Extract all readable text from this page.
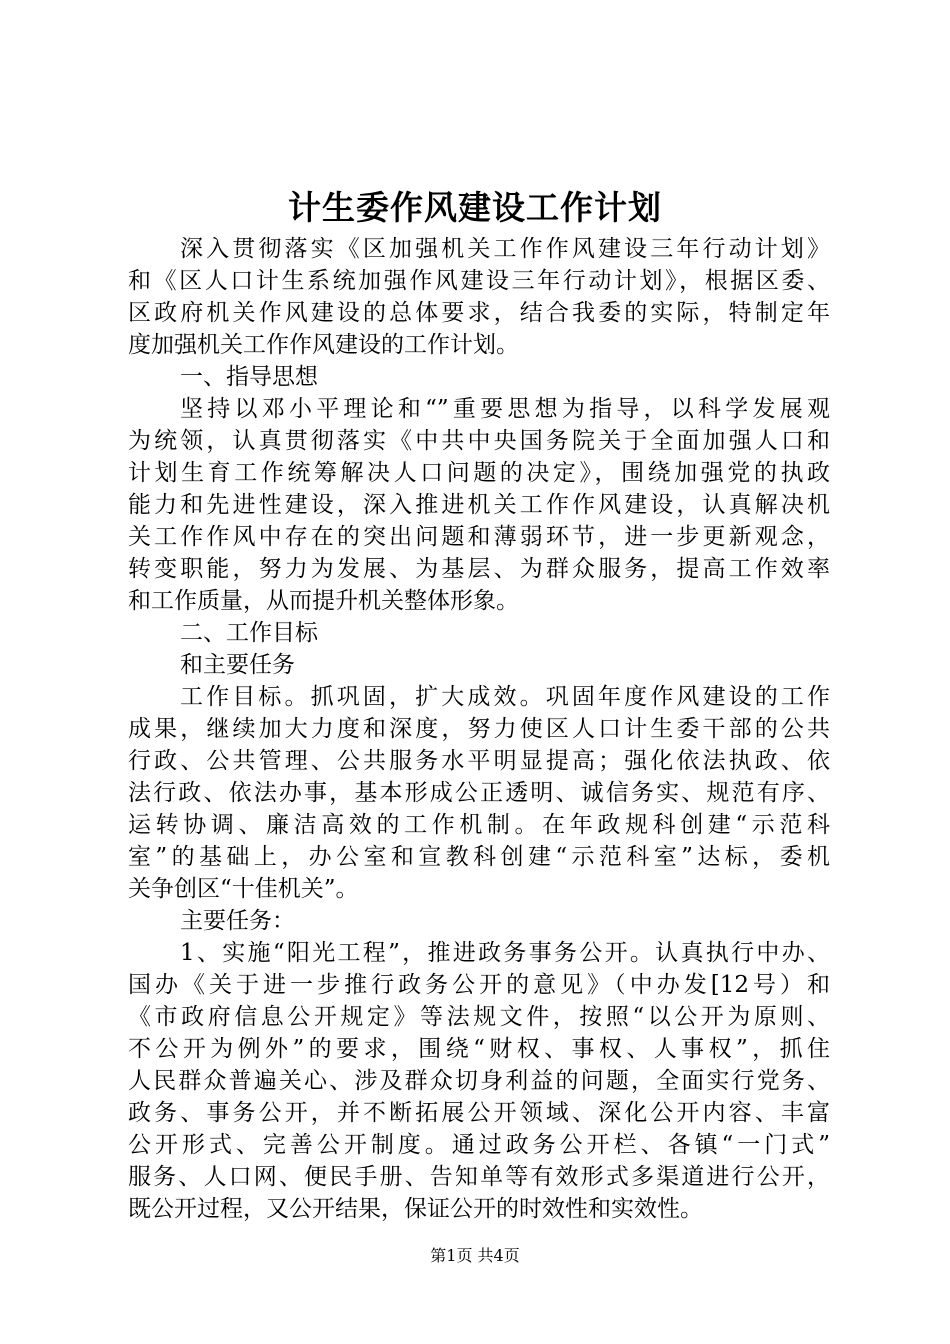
计生委作风建设工作计划
深入贯彻落实《区加强机关工作作风建设三年行动计划》
和《区人口计生系统加强作风建设三年行动计划》，根据区委、
区政府机关作风建设的总体要求，结合我委的实际，特制定年
度加强机关工作作风建设的工作计划。
一、指导思想
坚持以邓小平理论和“”重要思想为指导，以科学发展观
为统领，认真贯彻落实《中共中央国务院关于全面加强人口和
计划生育工作统筹解决人口问题的决定》，围绕加强党的执政
能力和先进性建设，深入推进机关工作作风建设，认真解决机
关工作作风中存在的突出问题和薄弱环节，进一步更新观念，
转变职能，努力为发展、为基层、为群众服务，提高工作效率
和工作质量，从而提升机关整体形象。
二、工作目标
和主要任务
工作目标。抓巩固，扩大成效。巩固年度作风建设的工作
成果，继续加大力度和深度，努力使区人口计生委干部的公共
行政、公共管理、公共服务水平明显提高；强化依法执政、依
法行政、依法办事，基本形成公正透明、诚信务实、规范有序、
运转协调、廉洁高效的工作机制。在年政规科创建“示范科
室”的基础上，办公室和宣教科创建“示范科室”达标，委机
关争创区“十佳机关”。
主要任务：
1、实施“阳光工程”，推进政务事务公开。认真执行中办、
国办《关于进一步推行政务公开的意见》（中办发[12号）和
《市政府信息公开规定》等法规文件，按照“以公开为原则、
不公开为例外”的要求，围绕“财权、事权、人事权”，抓住
人民群众普遍关心、涉及群众切身利益的问题，全面实行党务、
政务、事务公开，并不断拓展公开领域、深化公开内容、丰富
公开形式、完善公开制度。通过政务公开栏、各镇“一门式”
服务、人口网、便民手册、告知单等有效形式多渠道进行公开，
既公开过程，又公开结果，保证公开的时效性和实效性。
第1页 共4页
